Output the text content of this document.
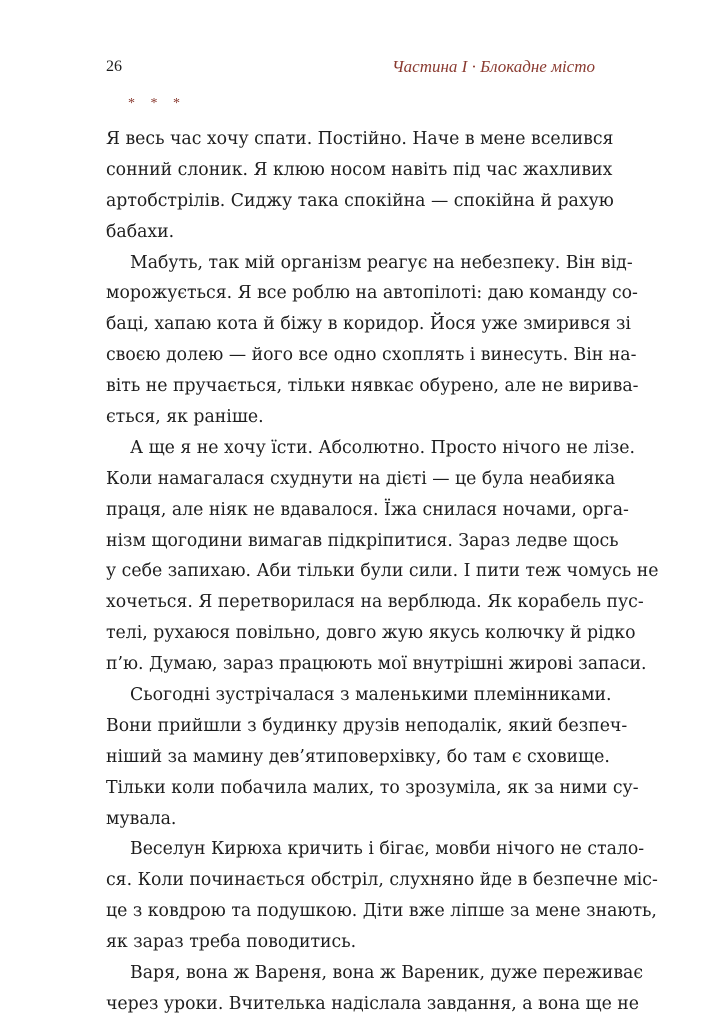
26	Частина І · Блокадне місто
* * *
Я весь час хочу спати. Постійно. Наче в мене вселився
сонний слоник. Я клюю носом навіть під час жахливих
артобстрілів. Сиджу така спокійна — спокійна й рахую
бабахи.
Мабуть, так мій організм реагує на небезпеку. Він від-
морожується. Я все роблю на автопілоті: даю команду со-
баці, хапаю кота й біжу в коридор. Йося уже змирився зі
своєю долею — його все одно схоплять і винесуть. Він на-
віть не пручається, тільки нявкає обурено, але не вирива-
ється, як раніше.
А ще я не хочу їсти. Абсолютно. Просто нічого не лізе.
Коли намагалася схуднути на дієті — це була неабияка
праця, але ніяк не вдавалося. Їжа снилася ночами, орга-
нізм щогодини вимагав підкріпитися. Зараз ледве щось
у себе запихаю. Аби тільки були сили. І пити теж чомусь не
хочеться. Я перетворилася на верблюда. Як корабель пус-
телі, рухаюся повільно, довго жую якусь колючку й рідко
п’ю. Думаю, зараз працюють мої внутрішні жирові запаси.
Сьогодні зустрічалася з маленькими племінниками.
Вони прийшли з будинку друзів неподалік, який безпеч-
ніший за мамину дев’ятиповерхівку, бо там є сховище.
Тільки коли побачила малих, то зрозуміла, як за ними су-
мувала.
Веселун Кирюха кричить і бігає, мовби нічого не стало-
ся. Коли починається обстріл, слухняно йде в безпечне міс-
це з ковдрою та подушкою. Діти вже ліпше за мене знають,
як зараз треба поводитись.
Варя, вона ж Вареня, вона ж Вареник, дуже переживає
через уроки. Вчителька надіслала завдання, а вона ще не
